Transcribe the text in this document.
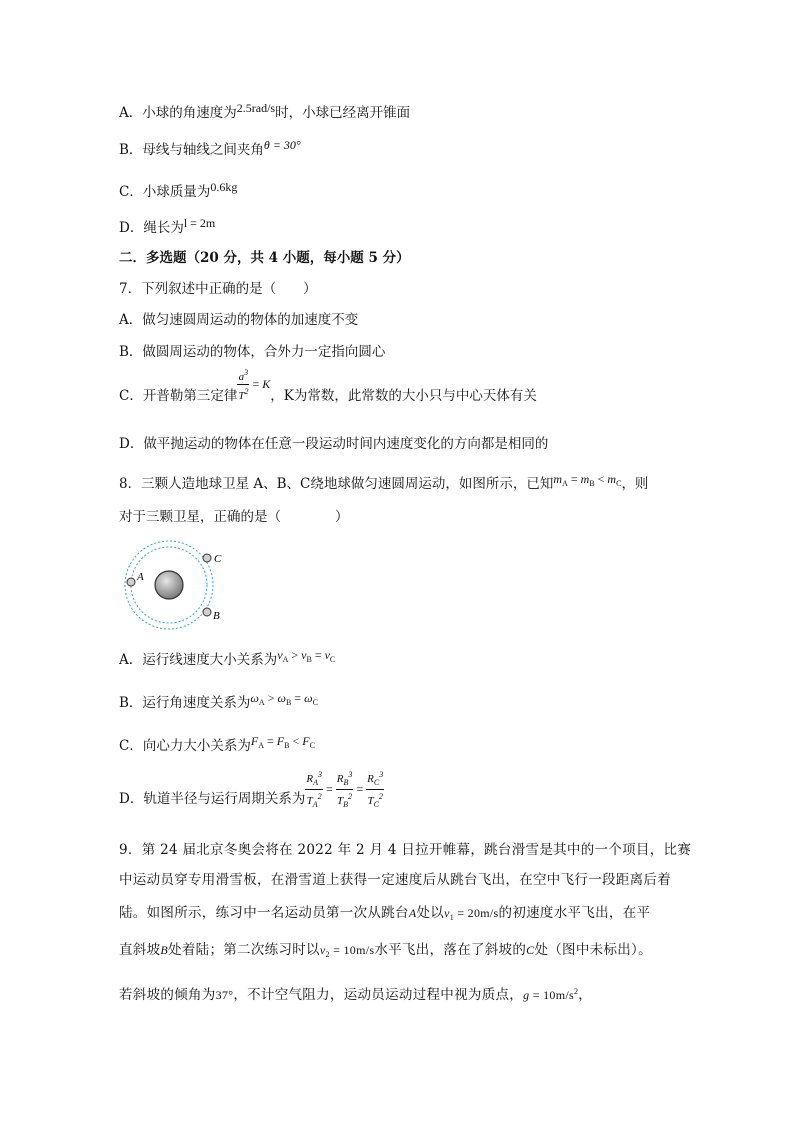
A．小球的角速度为2.5rad/s时，小球已经离开锥面
B．母线与轴线之间夹角θ = 30°
C．小球质量为0.6kg
D．绳长为l = 2m
二．多选题（20 分，共 4 小题，每小题 5 分）
7．下列叙述中正确的是（　　）
A．做匀速圆周运动的物体的加速度不变
B．做圆周运动的物体，合外力一定指向圆心
C．开普勒第三定律 $\frac{a^3}{T^2} = K$，K为常数，此常数的大小只与中心天体有关
D．做平抛运动的物体在任意一段运动时间内速度变化的方向都是相同的
8．三颗人造地球卫星 A、B、C绕地球做匀速圆周运动，如图所示，已知$m_A = m_B < m_C$，则
对于三颗卫星，正确的是（　　　　）
A
C
B
A．运行线速度大小关系为$v_A > v_B = v_C$
B．运行角速度关系为$\omega_A > \omega_B = \omega_C$
C．向心力大小关系为$F_A = F_B < F_C$
D．轨道半径与运行周期关系为 $\frac{R_A^3}{T_A^2} = \frac{R_B^3}{T_B^2} = \frac{R_C^3}{T_C^2}$
9．第 24 届北京冬奥会将在 2022 年 2 月 4 日拉开帷幕，跳台滑雪是其中的一个项目，比赛
中运动员穿专用滑雪板，在滑雪道上获得一定速度后从跳台飞出，在空中飞行一段距离后着
陆。如图所示，练习中一名运动员第一次从跳台A处以$v_1 = 20m/s$的初速度水平飞出，在平
直斜坡B处着陆；第二次练习时以$v_2 = 10m/s$水平飞出，落在了斜坡的C处（图中未标出）。
若斜坡的倾角为37°，不计空气阻力，运动员运动过程中视为质点，$g = 10m/s^2$，
